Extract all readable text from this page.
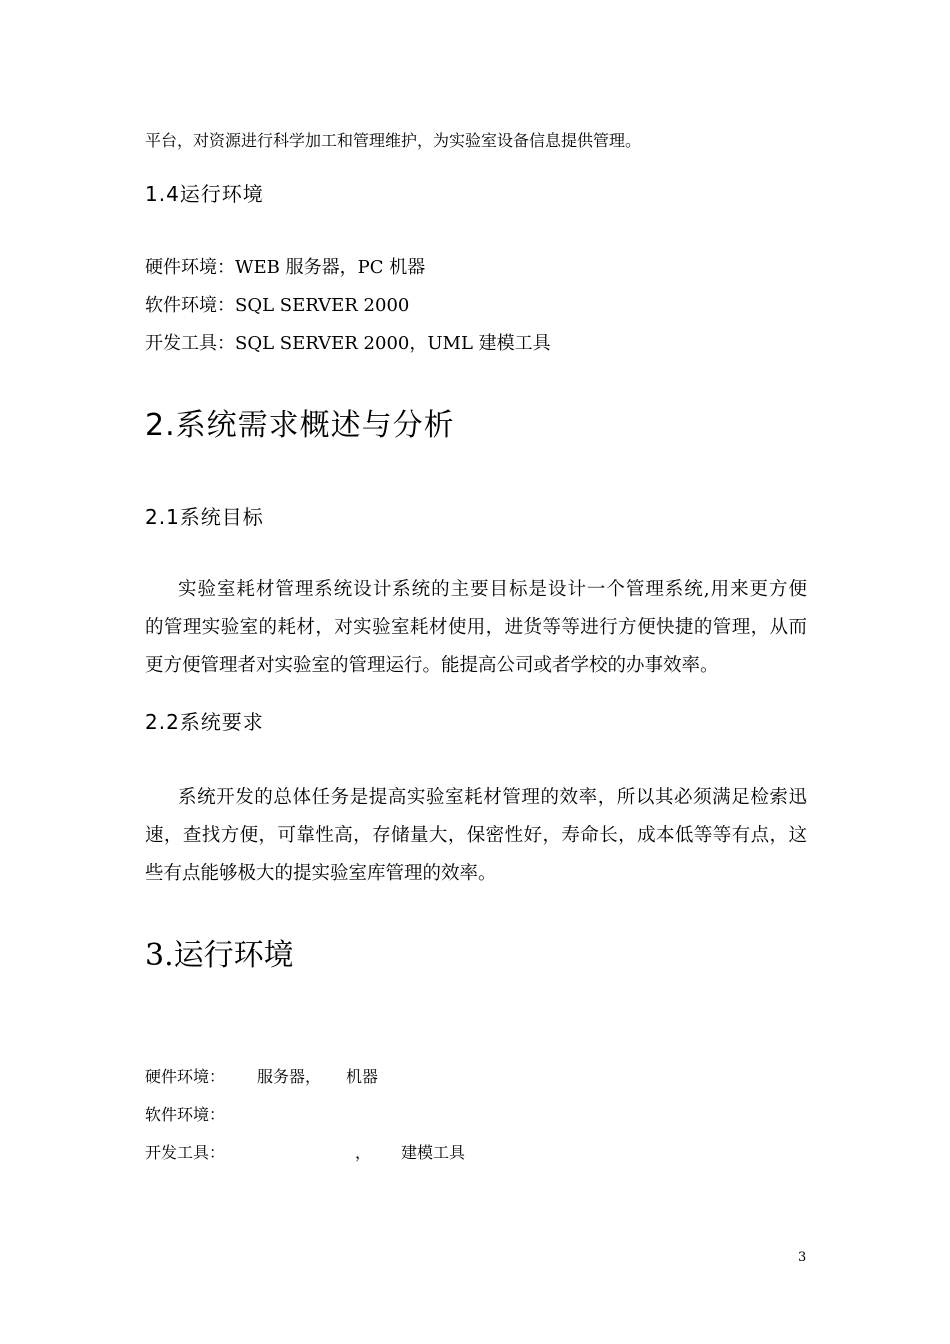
平台，对资源进行科学加工和管理维护，为实验室设备信息提供管理。
1.4运行环境
硬件环境：WEB 服务器，PC 机器
软件环境：SQL SERVER 2000
开发工具：SQL SERVER 2000，UML 建模工具
2.系统需求概述与分析
2.1系统目标
实验室耗材管理系统设计系统的主要目标是设计一个管理系统,用来更方便
的管理实验室的耗材，对实验室耗材使用，进货等等进行方便快捷的管理，从而
更方便管理者对实验室的管理运行。能提高公司或者学校的办事效率。
2.2系统要求
系统开发的总体任务是提高实验室耗材管理的效率，所以其必须满足检索迅
速，查找方便，可靠性高，存储量大，保密性好，寿命长，成本低等等有点，这
些有点能够极大的提实验室库管理的效率。
3.运行环境
硬件环境： 服务器， 机器
软件环境：
开发工具：	， 建模工具
3
